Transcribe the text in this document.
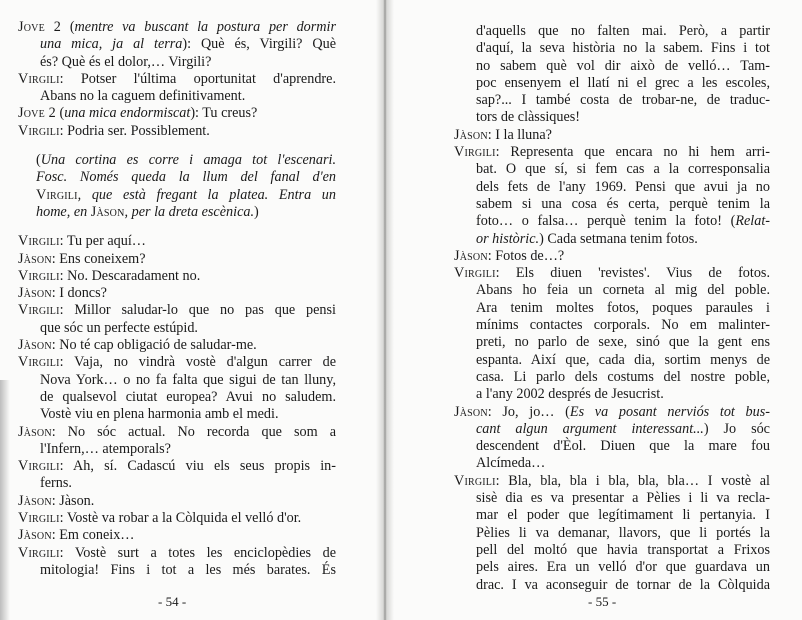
Jove 2 (mentre va buscant la postura per dormir
una mica, ja al terra): Què és, Virgili? Què
és? Què és el dolor,… Virgili?
Virgili: Potser l'última oportunitat d'aprendre.
Abans no la caguem definitivament.
Jove 2 (una mica endormiscat): Tu creus?
Virgili: Podria ser. Possiblement.
(Una cortina es corre i amaga tot l'escenari.
Fosc. Només queda la llum del fanal d'en
Virgili, que està fregant la platea. Entra un
home, en Jàson, per la dreta escènica.)
Virgili: Tu per aquí…
Jàson: Ens coneixem?
Virgili: No. Descaradament no.
Jàson: I doncs?
Virgili: Millor saludar-lo que no pas que pensi
que sóc un perfecte estúpid.
Jàson: No té cap obligació de saludar-me.
Virgili: Vaja, no vindrà vostè d'algun carrer de
Nova York… o no fa falta que sigui de tan lluny,
de qualsevol ciutat europea? Avui no saludem.
Vostè viu en plena harmonia amb el medi.
Jàson: No sóc actual. No recorda que som a
l'Infern,… atemporals?
Virgili: Ah, sí. Cadascú viu els seus propis in-
ferns.
Jàson: Jàson.
Virgili: Vostè va robar a la Còlquida el velló d'or.
Jàson: Em coneix…
Virgili: Vostè surt a totes les enciclopèdies de
mitologia! Fins i tot a les més barates. És
- 54 -
d'aquells que no falten mai. Però, a partir
d'aquí, la seva història no la sabem. Fins i tot
no sabem què vol dir això de velló… Tam-
poc ensenyem el llatí ni el grec a les escoles,
sap?... I també costa de trobar-ne, de traduc-
tors de clàssiques!
Jàson: I la lluna?
Virgili: Representa que encara no hi hem arri-
bat. O que sí, si fem cas a la corresponsalia
dels fets de l'any 1969. Pensi que avui ja no
sabem si una cosa és certa, perquè tenim la
foto… o falsa… perquè tenim la foto! (Relat-
or històric.) Cada setmana tenim fotos.
Jàson: Fotos de…?
Virgili: Els diuen 'revistes'. Vius de fotos.
Abans ho feia un corneta al mig del poble.
Ara tenim moltes fotos, poques paraules i
mínims contactes corporals. No em malinter-
preti, no parlo de sexe, sinó que la gent ens
espanta. Així que, cada dia, sortim menys de
casa. Li parlo dels costums del nostre poble,
a l'any 2002 després de Jesucrist.
Jàson: Jo, jo… (Es va posant nerviós tot bus-
cant algun argument interessant...) Jo sóc
descendent d'Èol. Diuen que la mare fou
Alcímeda…
Virgili: Bla, bla, bla i bla, bla, bla… I vostè al
sisè dia es va presentar a Pèlies i li va recla-
mar el poder que legítimament li pertanyia. I
Pèlies li va demanar, llavors, que li portés la
pell del moltó que havia transportat a Frixos
pels aires. Era un velló d'or que guardava un
drac. I va aconseguir de tornar de la Còlquida
- 55 -
